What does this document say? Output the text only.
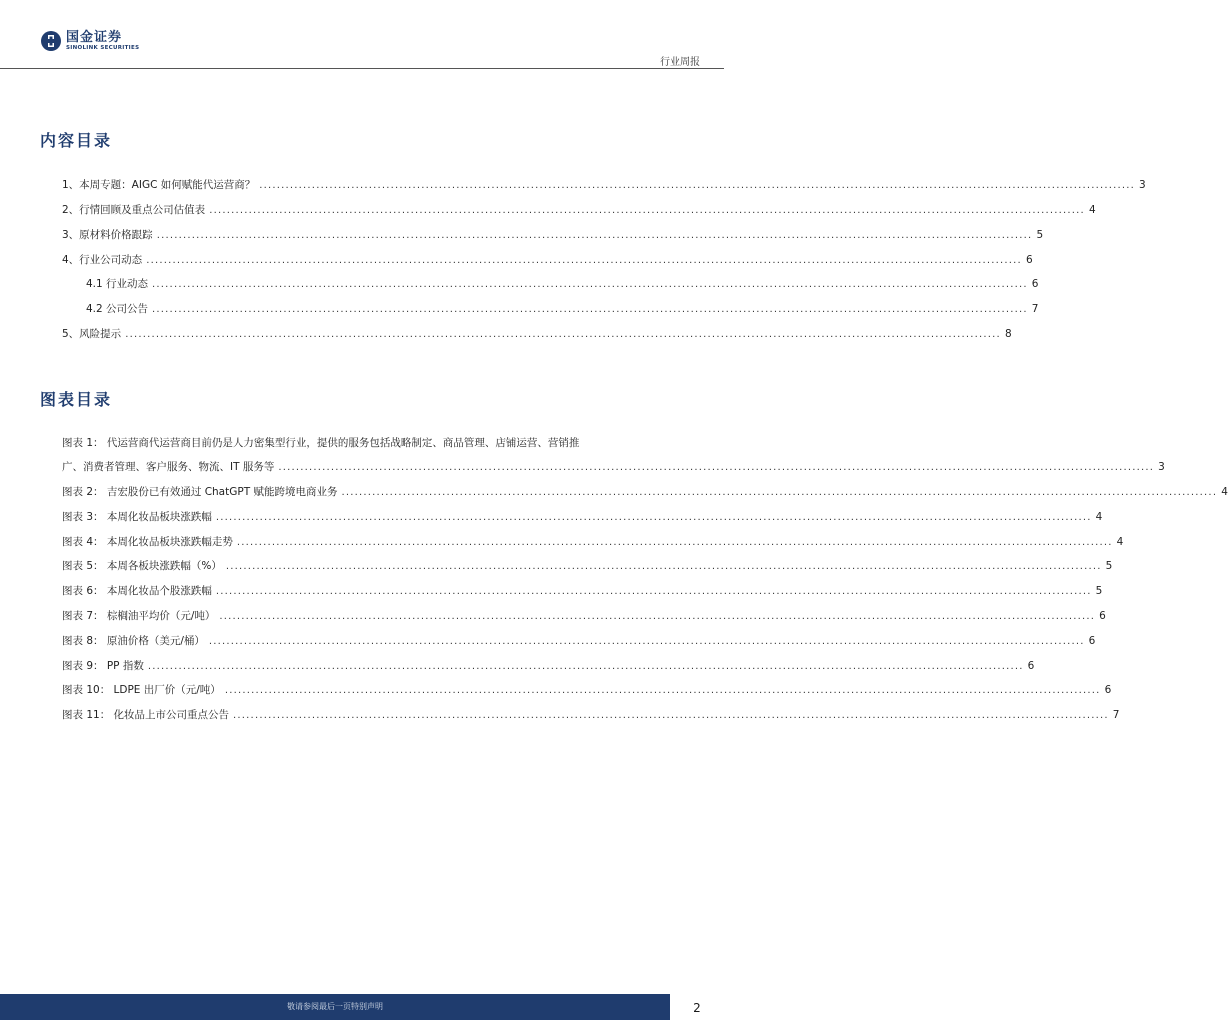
国金证券
SINOLINK SECURITIES
行业周报
内容目录
1、本周专题：AIGC 如何赋能代运营商？ ........................................................................................................................................................................................................ 3
2、行情回顾及重点公司估值表 ........................................................................................................................................................................................................ 4
3、原材料价格跟踪 ........................................................................................................................................................................................................ 5
4、行业公司动态 ........................................................................................................................................................................................................ 6
4.1 行业动态 ........................................................................................................................................................................................................ 6
4.2 公司公告 ........................................................................................................................................................................................................ 7
5、风险提示 ........................................................................................................................................................................................................ 8
图表目录
图表 1： 代运营商代运营商目前仍是人力密集型行业，提供的服务包括战略制定、商品管理、店铺运营、营销推
广、消费者管理、客户服务、物流、IT 服务等 ........................................................................................................................................................................................................ 3
图表 2： 吉宏股份已有效通过 ChatGPT 赋能跨境电商业务 ........................................................................................................................................................................................................ 4
图表 3： 本周化妆品板块涨跌幅 ........................................................................................................................................................................................................ 4
图表 4： 本周化妆品板块涨跌幅走势 ........................................................................................................................................................................................................ 4
图表 5： 本周各板块涨跌幅（%） ........................................................................................................................................................................................................ 5
图表 6： 本周化妆品个股涨跌幅 ........................................................................................................................................................................................................ 5
图表 7： 棕榈油平均价（元/吨） ........................................................................................................................................................................................................ 6
图表 8： 原油价格（美元/桶） ........................................................................................................................................................................................................ 6
图表 9： PP 指数 ........................................................................................................................................................................................................ 6
图表 10： LDPE 出厂价（元/吨） ........................................................................................................................................................................................................ 6
图表 11： 化妆品上市公司重点公告 ........................................................................................................................................................................................................ 7
敬请参阅最后一页特别声明	2
